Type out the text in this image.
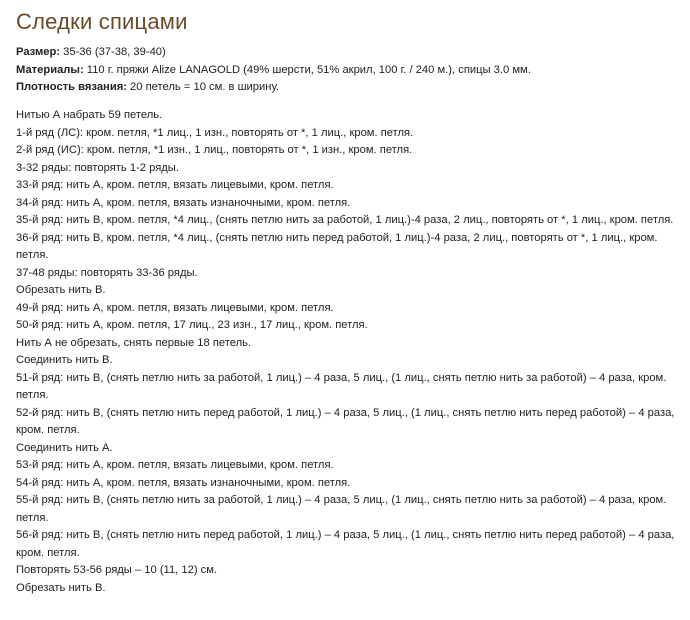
Следки спицами
Размер: 35-36 (37-38, 39-40)
Материалы: 110 г. пряжи Alize LANAGOLD (49% шерсти, 51% акрил, 100 г. / 240 м.), спицы 3.0 мм.
Плотность вязания: 20 петель = 10 см. в ширину.

Нитью А набрать 59 петель.

1-й ряд (ЛС): кром. петля, *1 лиц., 1 изн., повторять от *, 1 лиц., кром. петля.

2-й ряд (ИС): кром. петля, *1 изн., 1 лиц., повторять от *, 1 изн., кром. петля.

3-32 ряды: повторять 1-2 ряды.

33-й ряд: нить А, кром. петля, вязать лицевыми, кром. петля.

34-й ряд: нить А, кром. петля, вязать изнаночными, кром. петля.

35-й ряд: нить В, кром. петля, *4 лиц., (снять петлю нить за работой, 1 лиц.)-4 раза, 2 лиц., повторять от *, 1 лиц., кром. петля.

36-й ряд: нить В, кром. петля, *4 лиц., (снять петлю нить перед работой, 1 лиц.)-4 раза, 2 лиц., повторять от *, 1 лиц., кром. петля.

37-48 ряды: повторять 33-36 ряды.

Обрезать нить В.

49-й ряд: нить А, кром. петля, вязать лицевыми, кром. петля.

50-й ряд: нить А, кром. петля, 17 лиц., 23 изн., 17 лиц., кром. петля.

Нить А не обрезать, снять первые 18 петель.

Соединить нить В.

51-й ряд: нить В, (снять петлю нить за работой, 1 лиц.) – 4 раза, 5 лиц., (1 лиц., снять петлю нить за работой) – 4 раза, кром. петля.

52-й ряд: нить В, (снять петлю нить перед работой, 1 лиц.) – 4 раза, 5 лиц., (1 лиц., снять петлю нить перед работой) – 4 раза, кром. петля.

Соединить нить А.

53-й ряд: нить А, кром. петля, вязать лицевыми, кром. петля.

54-й ряд: нить А, кром. петля, вязать изнаночными, кром. петля.

55-й ряд: нить В, (снять петлю нить за работой, 1 лиц.) – 4 раза, 5 лиц., (1 лиц., снять петлю нить за работой) – 4 раза, кром. петля.

56-й ряд: нить В, (снять петлю нить перед работой, 1 лиц.) – 4 раза, 5 лиц., (1 лиц., снять петлю нить перед работой) – 4 раза, кром. петля.

Повторять 53-56 ряды – 10 (11, 12) см.

Обрезать нить В.
